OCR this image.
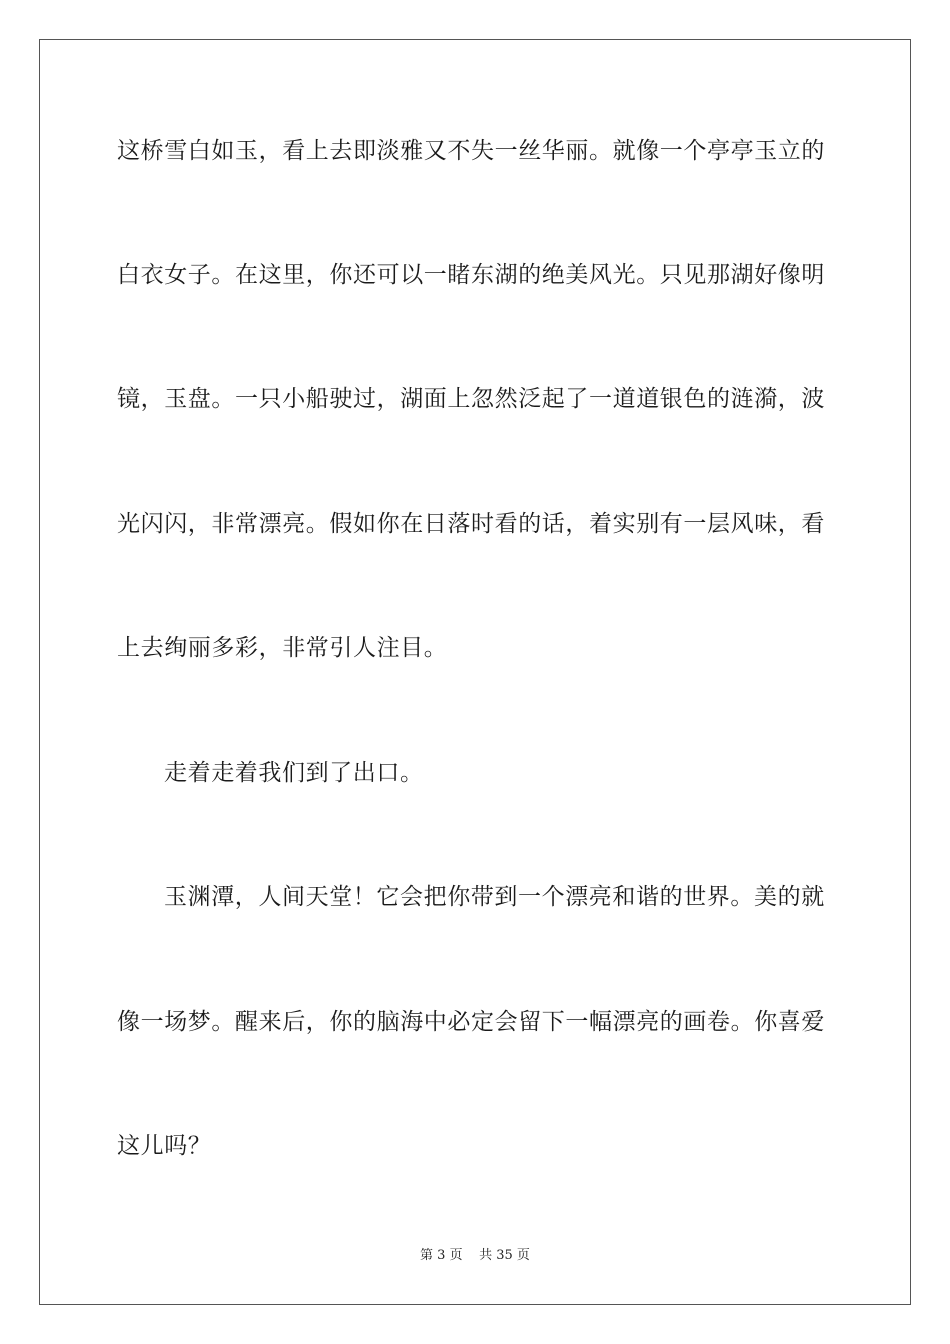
这桥雪白如玉，看上去即淡雅又不失一丝华丽。就像一个亭亭玉立的
白衣女子。在这里，你还可以一睹东湖的绝美风光。只见那湖好像明
镜，玉盘。一只小船驶过，湖面上忽然泛起了一道道银色的涟漪，波
光闪闪，非常漂亮。假如你在日落时看的话，着实别有一层风味，看
上去绚丽多彩，非常引人注目。
走着走着我们到了出口。
玉渊潭，人间天堂！它会把你带到一个漂亮和谐的世界。美的就
像一场梦。醒来后，你的脑海中必定会留下一幅漂亮的画卷。你喜爱
这儿吗？
第 3 页 共 35 页
